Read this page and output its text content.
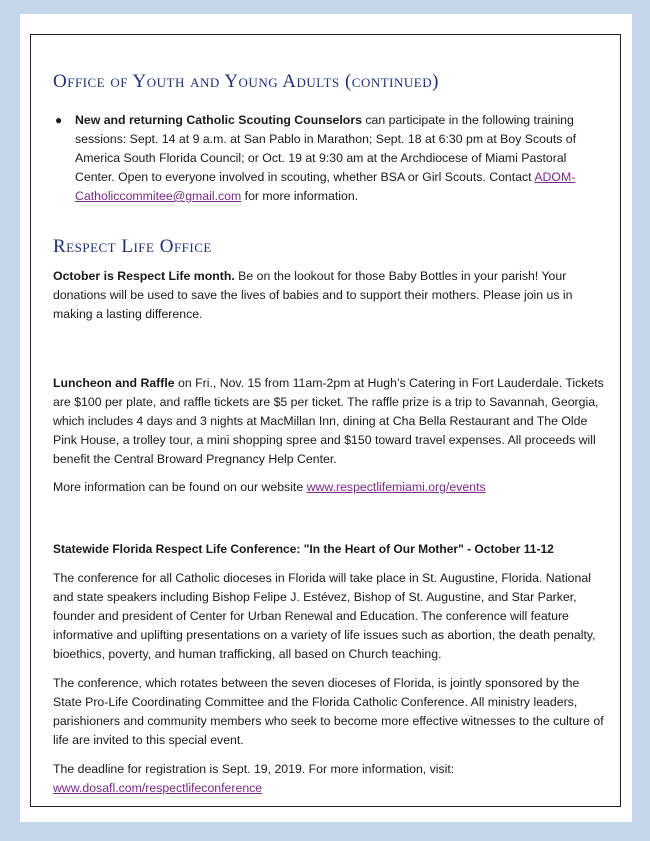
Office of Youth and Young Adults (continued)
●	New and returning Catholic Scouting Counselors can participate in the following training sessions: Sept. 14 at 9 a.m. at San Pablo in Marathon; Sept. 18 at 6:30 pm at Boy Scouts of America South Florida Council; or Oct. 19 at 9:30 am at the Archdiocese of Miami Pastoral Center. Open to everyone involved in scouting, whether BSA or Girl Scouts. Contact ADOM-Catholiccommitee@gmail.com for more information.

Respect Life Office

October is Respect Life month. Be on the lookout for those Baby Bottles in your parish! Your donations will be used to save the lives of babies and to support their mothers. Please join us in making a lasting difference.

Luncheon and Raffle on Fri., Nov. 15 from 11am-2pm at Hugh’s Catering in Fort Lauderdale. Tickets are $100 per plate, and raffle tickets are $5 per ticket. The raffle prize is a trip to Savannah, Georgia, which includes 4 days and 3 nights at MacMillan Inn, dining at Cha Bella Restaurant and The Olde Pink House, a trolley tour, a mini shopping spree and $150 toward travel expenses. All proceeds will benefit the Central Broward Pregnancy Help Center.

More information can be found on our website www.respectlifemiami.org/events

Statewide Florida Respect Life Conference: "In the Heart of Our Mother" - October 11-12

The conference for all Catholic dioceses in Florida will take place in St. Augustine, Florida. National and state speakers including Bishop Felipe J. Estévez, Bishop of St. Augustine, and Star Parker, founder and president of Center for Urban Renewal and Education. The conference will feature informative and uplifting presentations on a variety of life issues such as abortion, the death penalty, bioethics, poverty, and human trafficking, all based on Church teaching.

The conference, which rotates between the seven dioceses of Florida, is jointly sponsored by the State Pro-Life Coordinating Committee and the Florida Catholic Conference. All ministry leaders, parishioners and community members who seek to become more effective witnesses to the culture of life are invited to this special event.

The deadline for registration is Sept. 19, 2019. For more information, visit: www.dosafl.com/respectlifeconference
